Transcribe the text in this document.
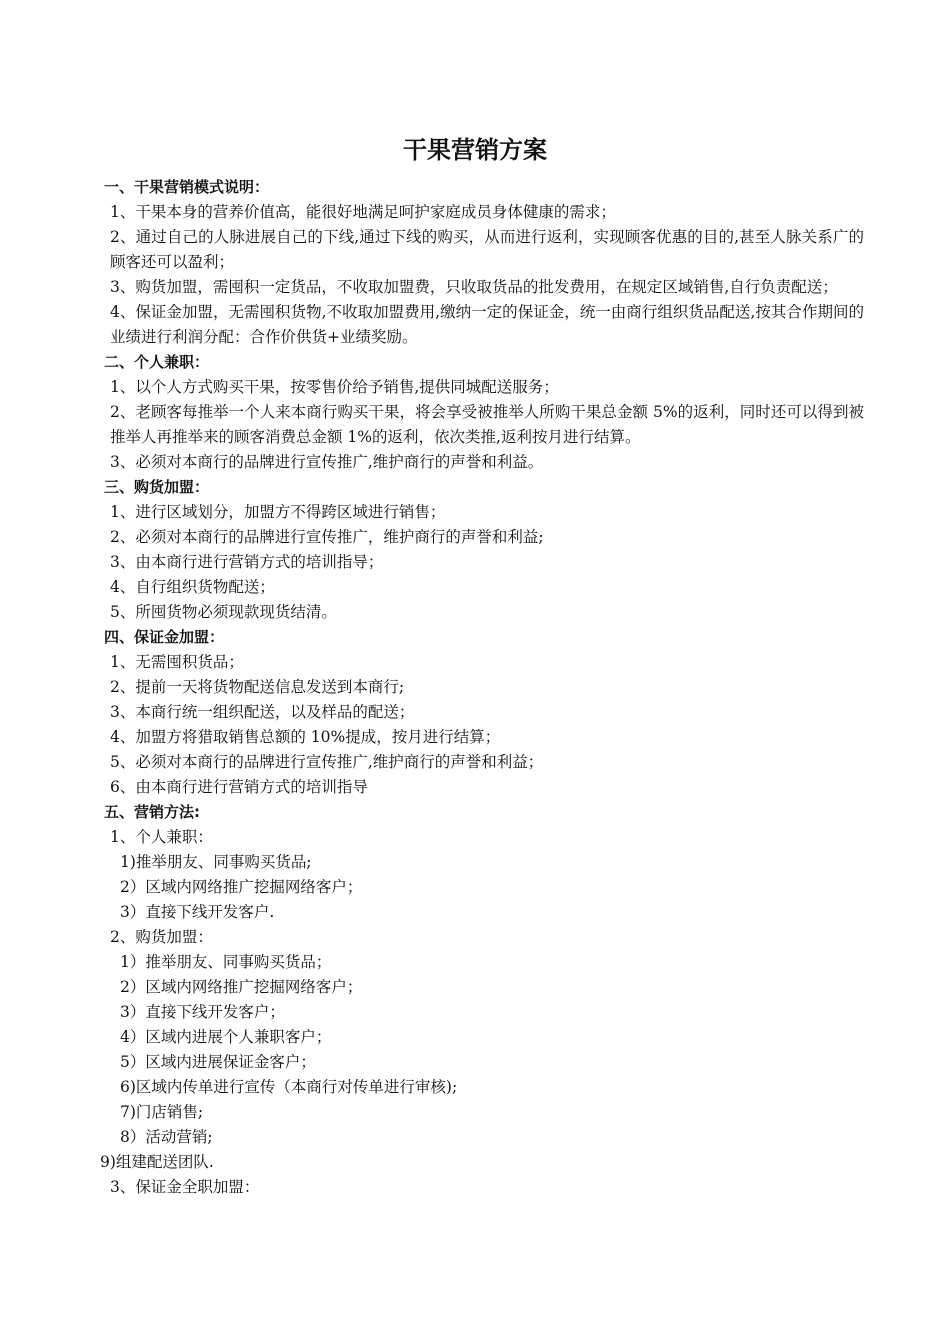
干果营销方案
一、干果营销模式说明：
1、干果本身的营养价值高，能很好地满足呵护家庭成员身体健康的需求；
2、通过自己的人脉进展自己的下线,通过下线的购买，从而进行返利，实现顾客优惠的目的,甚至人脉关系广的顾客还可以盈利；
3、购货加盟，需囤积一定货品，不收取加盟费，只收取货品的批发费用，在规定区域销售,自行负责配送；
4、保证金加盟，无需囤积货物,不收取加盟费用,缴纳一定的保证金，统一由商行组织货品配送,按其合作期间的业绩进行利润分配：合作价供货+业绩奖励。
二、个人兼职：
1、以个人方式购买干果，按零售价给予销售,提供同城配送服务；
2、老顾客每推举一个人来本商行购买干果，将会享受被推举人所购干果总金额 5%的返利，同时还可以得到被推举人再推举来的顾客消费总金额 1%的返利，依次类推,返利按月进行结算。
3、必须对本商行的品牌进行宣传推广,维护商行的声誉和利益。
三、购货加盟：
1、进行区域划分，加盟方不得跨区域进行销售；
2、必须对本商行的品牌进行宣传推广，维护商行的声誉和利益;
3、由本商行进行营销方式的培训指导；
4、自行组织货物配送；
5、所囤货物必须现款现货结清。
四、保证金加盟：
1、无需囤积货品；
2、提前一天将货物配送信息发送到本商行;
3、本商行统一组织配送，以及样品的配送；
4、加盟方将猎取销售总额的 10%提成，按月进行结算；
5、必须对本商行的品牌进行宣传推广,维护商行的声誉和利益；
6、由本商行进行营销方式的培训指导
五、营销方法:
1、个人兼职：
1)推举朋友、同事购买货品;
2）区域内网络推广挖掘网络客户；
3）直接下线开发客户.
2、购货加盟：
1）推举朋友、同事购买货品；
2）区域内网络推广挖掘网络客户；
3）直接下线开发客户；
4）区域内进展个人兼职客户；
5）区域内进展保证金客户；
6)区域内传单进行宣传（本商行对传单进行审核);
7)门店销售;
8）活动营销;
9)组建配送团队.
3、保证金全职加盟：
